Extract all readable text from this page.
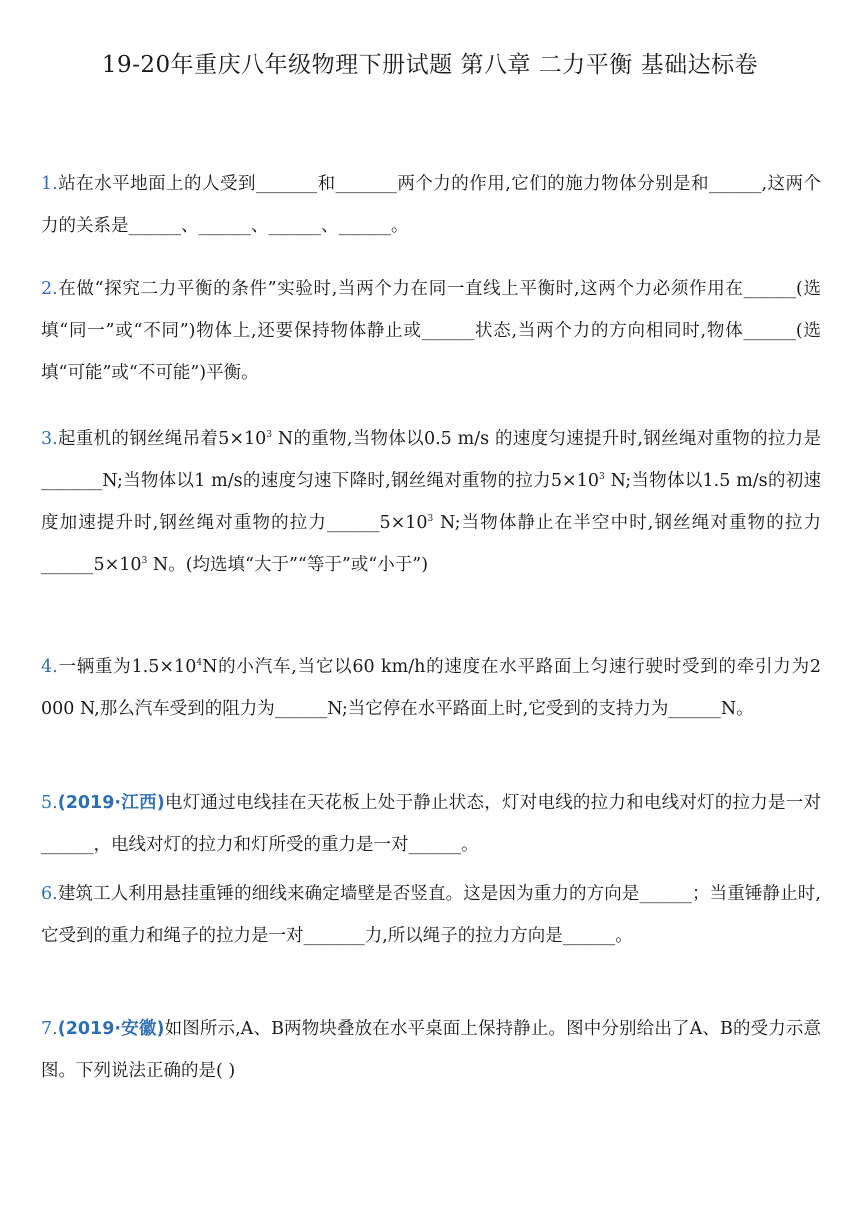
19-20年重庆八年级物理下册试题 第八章 二力平衡 基础达标卷
1.站在水平地面上的人受到_______和_______两个力的作用,它们的施力物体分别是和______,这两个力的关系是______、______、______、______。
2.在做“探究二力平衡的条件”实验时,当两个力在同一直线上平衡时,这两个力必须作用在______(选填“同一”或“不同”)物体上,还要保持物体静止或______状态,当两个力的方向相同时,物体______(选填“可能”或“不可能”)平衡。
3.起重机的钢丝绳吊着$5\times 10^3$ N的重物,当物体以0.5 m/s 的速度匀速提升时,钢丝绳对重物的拉力是_______N;当物体以1 m/s的速度匀速下降时,钢丝绳对重物的拉力$5\times 10^3$ N;当物体以1.5 m/s的初速度加速提升时,钢丝绳对重物的拉力$\_\_\_\_\_\_5\times 10^3$ N;当物体静止在半空中时,钢丝绳对重物的拉力$\_\_\_\_\_\_5\times 10^3$ N。(均选填“大于”“等于”或“小于”)
4.一辆重为$1.5\times 10^4N$的小汽车,当它以60 km/h的速度在水平路面上匀速行驶时受到的牵引力为2 000 N,那么汽车受到的阻力为______N;当它停在水平路面上时,它受到的支持力为______N。
5.(2019·江西)电灯通过电线挂在天花板上处于静止状态，灯对电线的拉力和电线对灯的拉力是一对______，电线对灯的拉力和灯所受的重力是一对______。
6.建筑工人利用悬挂重锤的细线来确定墙壁是否竖直。这是因为重力的方向是______；当重锤静止时,它受到的重力和绳子的拉力是一对_______力,所以绳子的拉力方向是______。
7.(2019·安徽)如图所示,A、B两物块叠放在水平桌面上保持静止。图中分别给出了A、B的受力示意图。下列说法正确的是( )
